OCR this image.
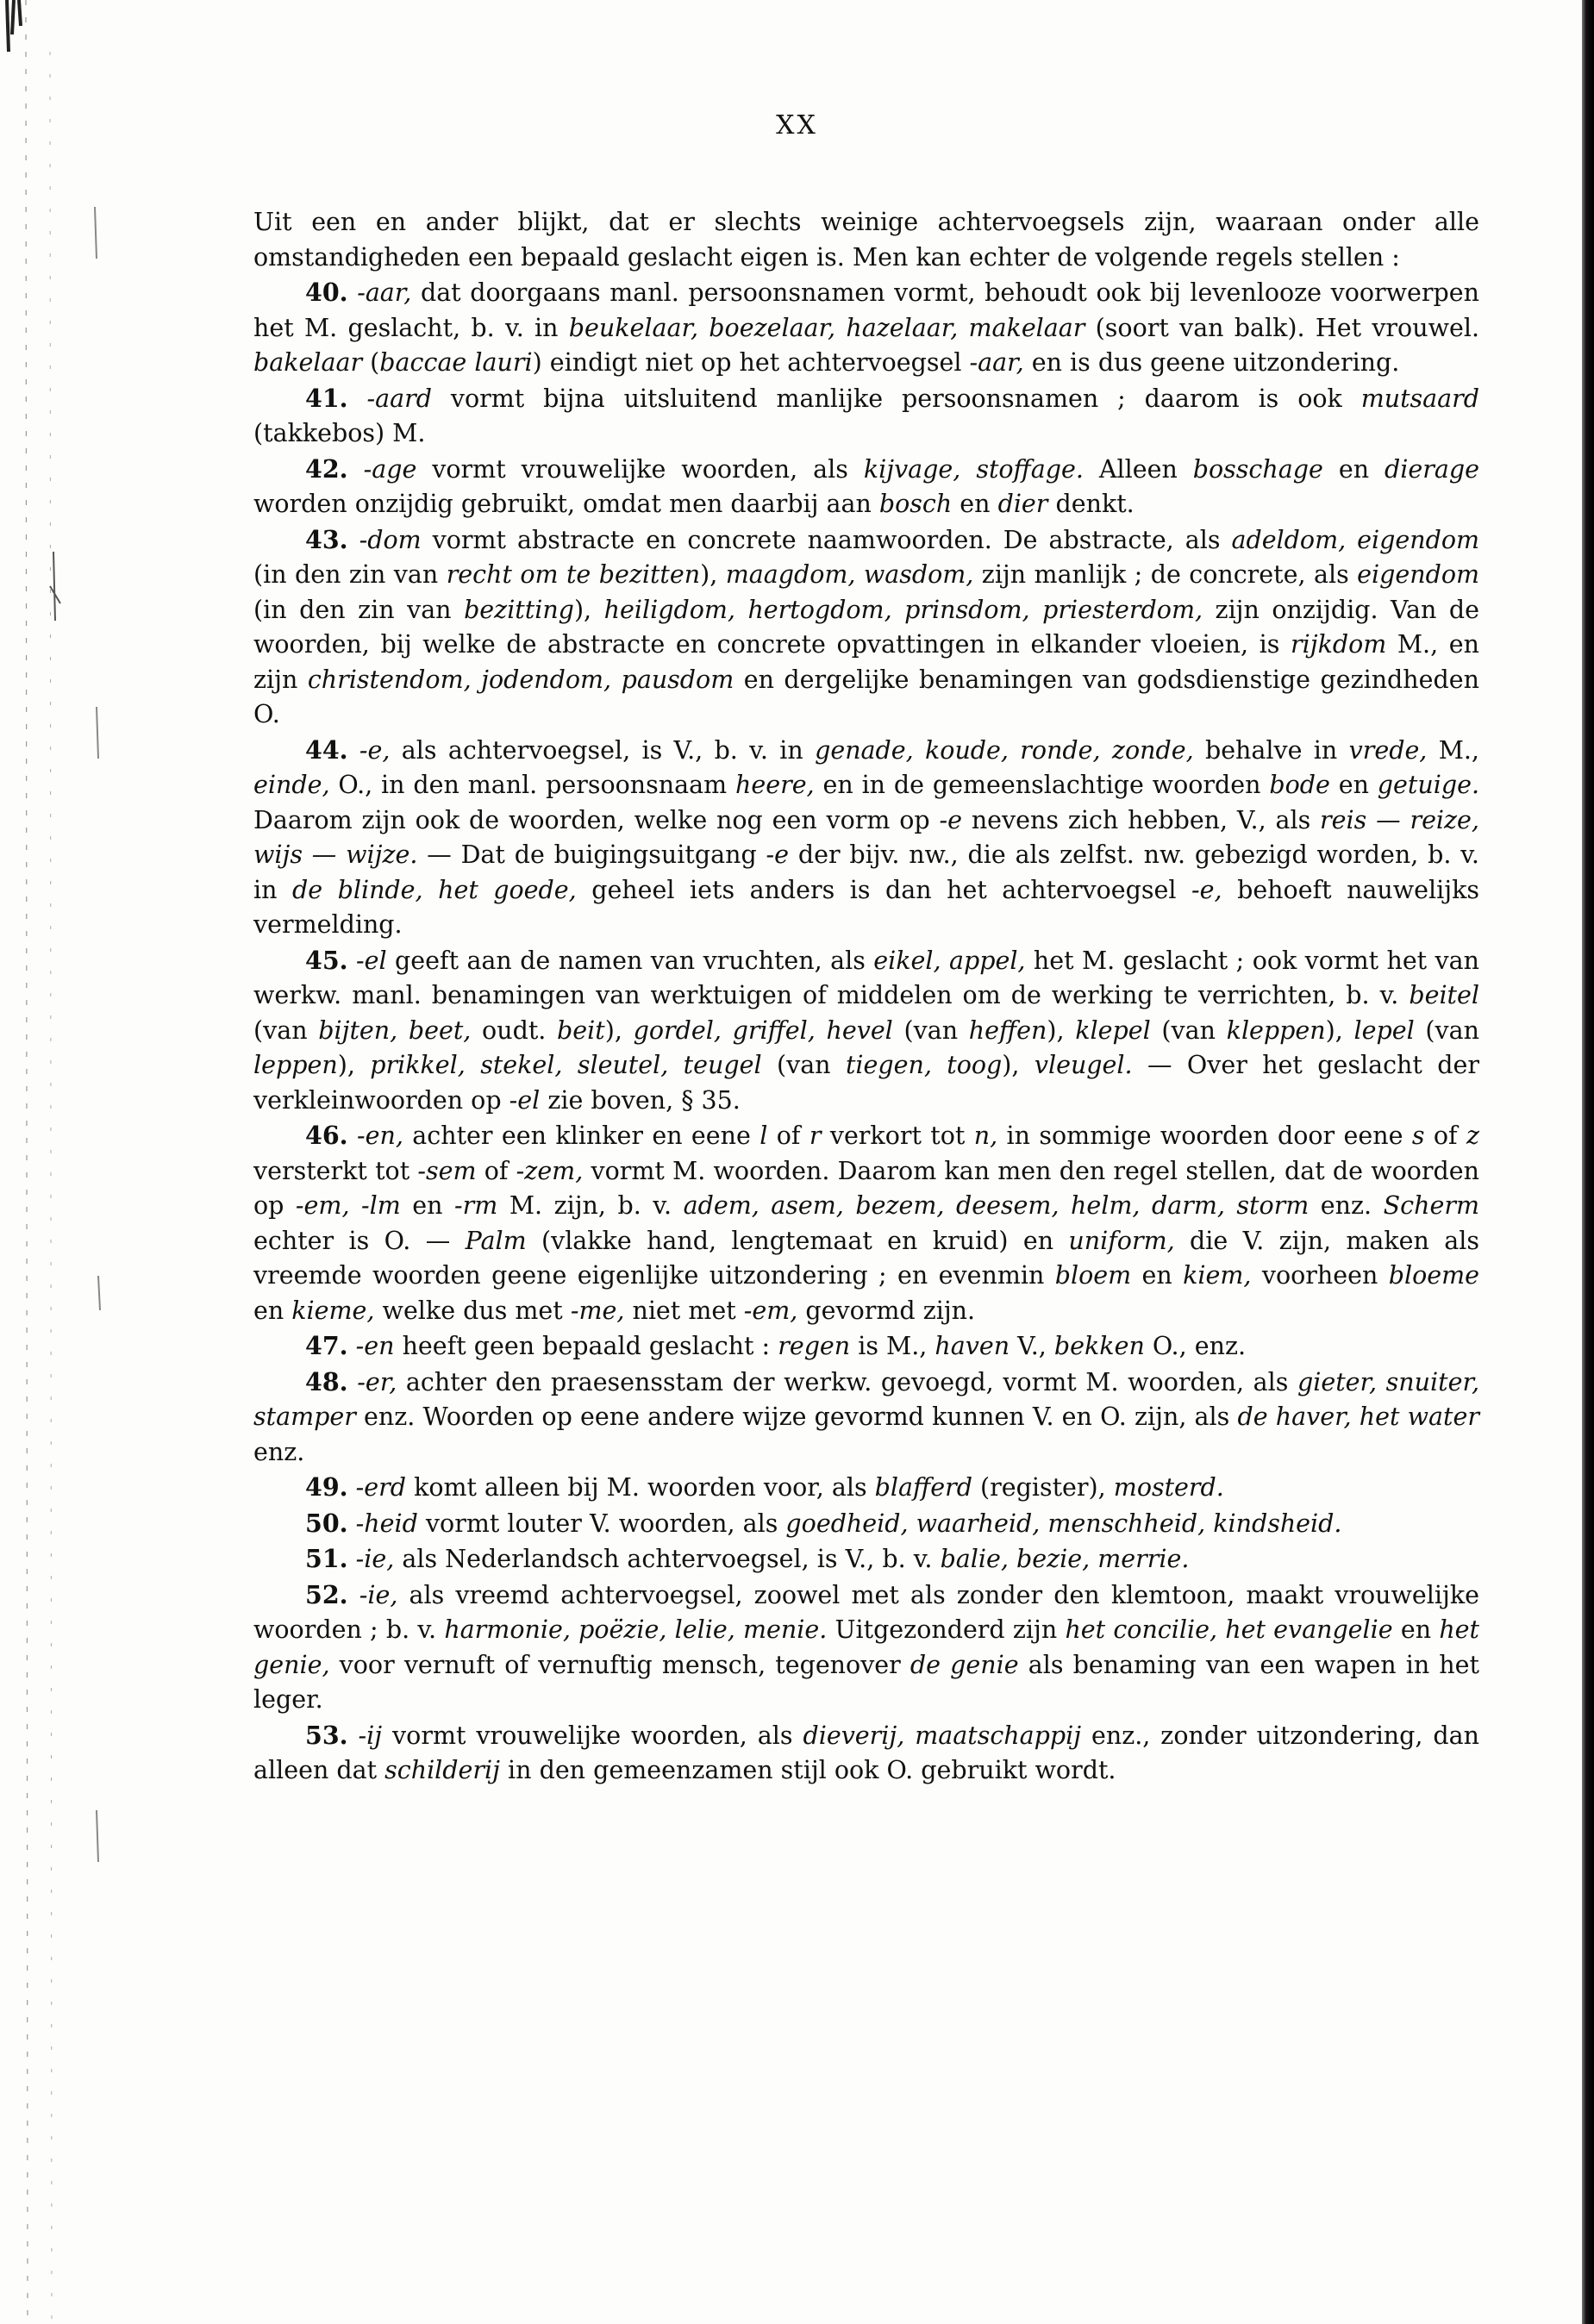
XX

Uit een en ander blijkt, dat er slechts weinige achtervoegsels zijn, waaraan onder alle omstandigheden een bepaald geslacht eigen is. Men kan echter de volgende regels stellen :

40. -aar, dat doorgaans manl. persoonsnamen vormt, behoudt ook bij levenlooze voorwerpen het M. geslacht, b. v. in beukelaar, boezelaar, hazelaar, makelaar (soort van balk). Het vrouwel. bakelaar (baccae lauri) eindigt niet op het achtervoegsel -aar, en is dus geene uitzondering.

41. -aard vormt bijna uitsluitend manlijke persoonsnamen ; daarom is ook mutsaard (takkebos) M.

42. -age vormt vrouwelijke woorden, als kijvage, stoffage. Alleen bosschage en dierage worden onzijdig gebruikt, omdat men daarbij aan bosch en dier denkt.

43. -dom vormt abstracte en concrete naamwoorden. De abstracte, als adeldom, eigendom (in den zin van recht om te bezitten), maagdom, wasdom, zijn manlijk ; de concrete, als eigendom (in den zin van bezitting), heiligdom, hertogdom, prinsdom, priesterdom, zijn onzijdig. Van de woorden, bij welke de abstracte en concrete opvattingen in elkander vloeien, is rijkdom M., en zijn christendom, jodendom, pausdom en dergelijke benamingen van godsdienstige gezindheden O.

44. -e, als achtervoegsel, is V., b. v. in genade, koude, ronde, zonde, behalve in vrede, M., einde, O., in den manl. persoonsnaam heere, en in de gemeenslachtige woorden bode en getuige. Daarom zijn ook de woorden, welke nog een vorm op -e nevens zich hebben, V., als reis — reize, wijs — wijze. — Dat de buigingsuitgang -e der bijv. nw., die als zelfst. nw. gebezigd worden, b. v. in de blinde, het goede, geheel iets anders is dan het achtervoegsel -e, behoeft nauwelijks vermelding.

45. -el geeft aan de namen van vruchten, als eikel, appel, het M. geslacht ; ook vormt het van werkw. manl. benamingen van werktuigen of middelen om de werking te verrichten, b. v. beitel (van bijten, beet, oudt. beit), gordel, griffel, hevel (van heffen), klepel (van kleppen), lepel (van leppen), prikkel, stekel, sleutel, teugel (van tiegen, toog), vleugel. — Over het geslacht der verkleinwoorden op -el zie boven, § 35.

46. -en, achter een klinker en eene l of r verkort tot n, in sommige woorden door eene s of z versterkt tot -sem of -zem, vormt M. woorden. Daarom kan men den regel stellen, dat de woorden op -em, -lm en -rm M. zijn, b. v. adem, asem, bezem, deesem, helm, darm, storm enz. Scherm echter is O. — Palm (vlakke hand, lengtemaat en kruid) en uniform, die V. zijn, maken als vreemde woorden geene eigenlijke uitzondering ; en evenmin bloem en kiem, voorheen bloeme en kieme, welke dus met -me, niet met -em, gevormd zijn.

47. -en heeft geen bepaald geslacht : regen is M., haven V., bekken O., enz.

48. -er, achter den praesensstam der werkw. gevoegd, vormt M. woorden, als gieter, snuiter, stamper enz. Woorden op eene andere wijze gevormd kunnen V. en O. zijn, als de haver, het water enz.

49. -erd komt alleen bij M. woorden voor, als blafferd (register), mosterd.

50. -heid vormt louter V. woorden, als goedheid, waarheid, menschheid, kindsheid.

51. -ie, als Nederlandsch achtervoegsel, is V., b. v. balie, bezie, merrie.

52. -ie, als vreemd achtervoegsel, zoowel met als zonder den klemtoon, maakt vrouwelijke woorden ; b. v. harmonie, poëzie, lelie, menie. Uitgezonderd zijn het concilie, het evangelie en het genie, voor vernuft of vernuftig mensch, tegenover de genie als benaming van een wapen in het leger.

53. -ij vormt vrouwelijke woorden, als dieverij, maatschappij enz., zonder uitzondering, dan alleen dat schilderij in den gemeenzamen stijl ook O. gebruikt wordt.
